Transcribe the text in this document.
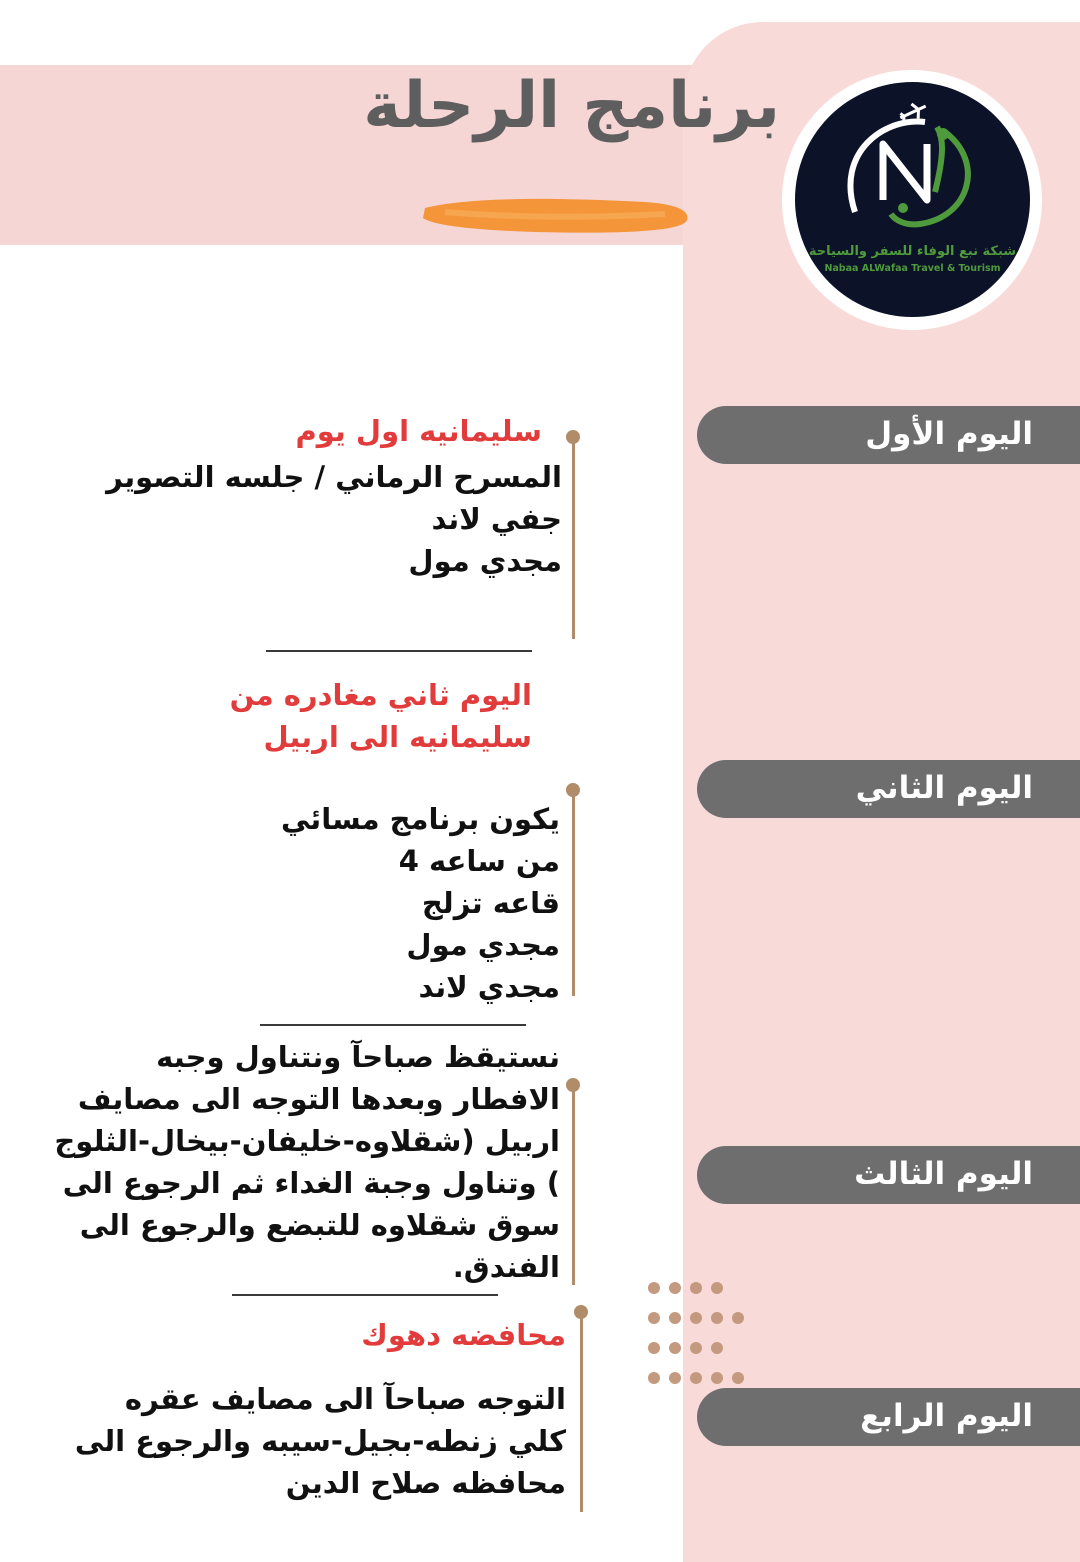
برنامج الرحلة
شبكة نبع الوفاء للسفر والسياحة
Nabaa ALWafaa Travel & Tourism
اليوم الأول
اليوم الثاني
اليوم الثالث
اليوم الرابع
سليمانيه اول يوم

المسرح الرماني / جلسه التصوير

جفي لاند

مجدي مول

اليوم ثاني مغادره من

سليمانيه الى اربيل

يكون برنامج مسائي

من ساعه 4

قاعه تزلج

مجدي مول

مجدي لاند

نستيقظ صباحآ ونتناول وجبه

الافطار وبعدها التوجه الى مصايف

اربيل (شقلاوه-خليفان-بيخال-الثلوج

) وتناول وجبة الغداء ثم الرجوع الى

سوق شقلاوه للتبضع والرجوع الى

الفندق.

محافضه دهوك

التوجه صباحآ الى مصايف عقره

كلي زنطه-بجيل-سيبه والرجوع الى

محافظه صلاح الدين
